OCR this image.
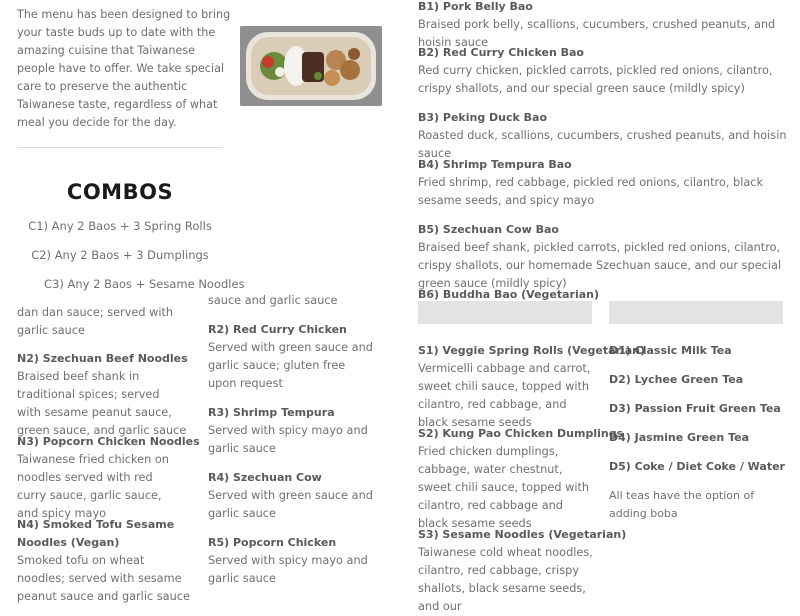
The menu has been designed to bring your taste buds up to date with the amazing cuisine that Taiwanese people have to offer. We take special care to preserve the authentic Taiwanese taste, regardless of what meal you decide for the day.
COMBOS
C1) Any 2 Baos + 3 Spring Rolls
C2) Any 2 Baos + 3 Dumplings
C3) Any 2 Baos + Sesame Noodles
dan dan sauce; served with garlic sauce
N2) Szechuan Beef Noodles
Braised beef shank in traditional spices; served with sesame peanut sauce, green sauce, and garlic sauce
N3) Popcorn Chicken Noodles
Taiwanese fried chicken on noodles served with red curry sauce, garlic sauce, and spicy mayo
N4) Smoked Tofu Sesame Noodles (Vegan)
Smoked tofu on wheat noodles; served with sesame peanut sauce and garlic sauce
sauce and garlic sauce
R2) Red Curry Chicken
Served with green sauce and garlic sauce; gluten free upon request
R3) Shrimp Tempura
Served with spicy mayo and garlic sauce
R4) Szechuan Cow
Served with green sauce and garlic sauce
R5) Popcorn Chicken
Served with spicy mayo and garlic sauce
B1) Pork Belly Bao
Braised pork belly, scallions, cucumbers, crushed peanuts, and hoisin sauce
B2) Red Curry Chicken Bao
Red curry chicken, pickled carrots, pickled red onions, cilantro, crispy shallots, and our special green sauce (mildly spicy)
B3) Peking Duck Bao
Roasted duck, scallions, cucumbers, crushed peanuts, and hoisin sauce
B4) Shrimp Tempura Bao
Fried shrimp, red cabbage, pickled red onions, cilantro, black sesame seeds, and spicy mayo
B5) Szechuan Cow Bao
Braised beef shank, pickled carrots, pickled red onions, cilantro, crispy shallots, our homemade Szechuan sauce, and our special green sauce (mildly spicy)
B6) Buddha Bao (Vegetarian)
S1) Veggie Spring Rolls (Vegetarian)
Vermicelli cabbage and carrot, sweet chili sauce, topped with cilantro, red cabbage, and black sesame seeds
S2) Kung Pao Chicken Dumplings
Fried chicken dumplings, cabbage, water chestnut, sweet chili sauce, topped with cilantro, red cabbage and black sesame seeds
S3) Sesame Noodles (Vegetarian)
Taiwanese cold wheat noodles, cilantro, red cabbage, crispy shallots, black sesame seeds, and our
D1) Classic Milk Tea
D2) Lychee Green Tea
D3) Passion Fruit Green Tea
D4) Jasmine Green Tea
D5) Coke / Diet Coke / Water
All teas have the option of adding boba
